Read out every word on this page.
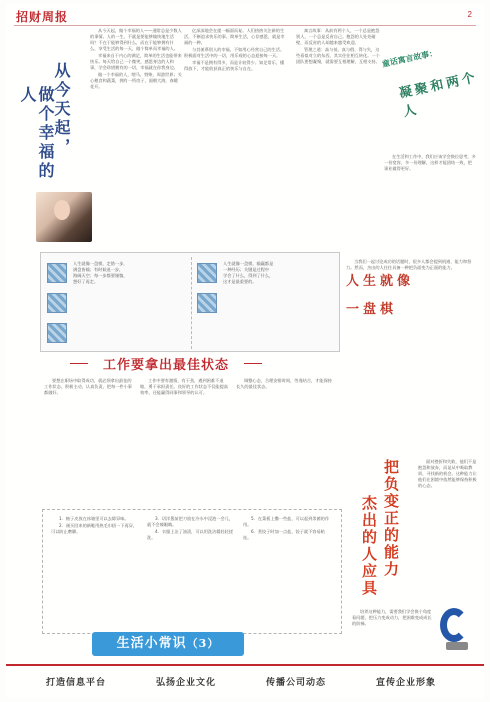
招财周报	2
从今天起，
做个幸福的人

从今天起，做个幸福的人——通常总是少数人的事情。人的一生，不就是要能够愉快地生活吗？不在于能够得到什么，而在于能够拥有什么，享受生活的每一天，做个简单而幸福的人。

幸福来自于内心的满足，简单的生活也能带来快乐。每天给自己一个微笑，感恩身边的人和事，学会珍惜拥有的一切，幸福就在你我身边。

做一个幸福的人，喂马，劈柴，周游世界；关心粮食和蔬菜，拥有一所房子，面朝大海，春暖花开。

亿深深地会在提一幅面而复。人们热热关注新的生活，不断追求快乐的事。简单生活，心存感恩，就是幸福的一种。

与其羡慕别人的幸福，不如用心经营自己的生活。积极面对生活中的一切，用乐观的心态迎接每一天。

幸福不是拥有得多，而是计较得少。知足常乐，懂得放下，才能收获真正的快乐与自在。	童话寓言故事：
凝聚和两个人

寓言故事：从前有两个人，一个总是抱怨别人，一个总是反省自己。抱怨的人处处碰壁，而反省的人却越来越受欢迎。

管理之道：高与低、真与假、得与失，这些看似对立的东西，其实往往相互转化。一个团队要想凝聚，就需要互相理解，互相支持。

在生活和工作中，我们应该学会换位思考，多一份宽容，多一份理解，这样才能团结一致，把事业做得更好。

人生就像一盘棋，走错一步，
满盘皆输；有时候退一步，
海阔天空；每一步都要谨慎，
想好了再走。
人生就像一盘棋，输赢都是
一种经历；关键是过程中
学会了什么，得到了什么，
这才是最重要的。	人生就像一盘棋
工作要拿出最佳状态

要想在职场中取得成功，就必须拿出最佳的工作状态。积极主动，认真负责，把每一件小事都做好。

工作中要有激情，有干劲，遇到困难不退缩，勇于承担责任。良好的工作状态不仅能提高效率，还能赢得同事和领导的认可。

调整心态，合理安排时间，劳逸结合，才能保持长久的最佳状态。

1．柚子皮放在冰箱里可以去除异味。

2．刚买回来的新鞋用热毛巾捂一下再穿，可以防止磨脚。

3．切洋葱前把刀放在冷水中浸泡一会儿，就不会辣眼睛。

4．衣服上沾了油渍，可以用洗洁精轻轻搓洗。

5．在菜板上撒一些盐，可以起到杀菌的作用。

6．煮饺子时加一点盐，饺子就不容易粘连。

生活小常识（3）

当我们一起讨论成功的话题时，很多人都会提到机遇、能力和努力。然而，杰出的人往往具备一种把负面变为正面的能力。

把负变正的能力
杰出的人应具

面对挫折和失败，他们不是抱怨和放弃，而是从中吸取教训，寻找新的机会。这种能力让他们在困境中依然能够保持积极的心态。

培养这种能力，需要我们学会换个角度看问题，把压力变成动力，把困难变成成长的阶梯。

打造信息平台	弘扬企业文化	传播公司动态	宣传企业形象
